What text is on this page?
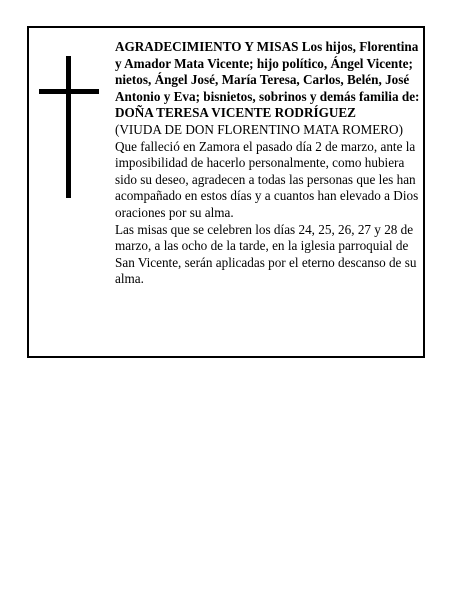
AGRADECIMIENTO Y MISAS Los hijos, Florentina y Amador Mata Vicente; hijo político, Ángel Vicente; nietos, Ángel José, María Teresa, Carlos, Belén, José Antonio y Eva; bisnietos, sobrinos y demás familia de:

DOÑA TERESA VICENTE RODRÍGUEZ

(VIUDA DE DON FLORENTINO MATA ROMERO)

Que falleció en Zamora el pasado día 2 de marzo, ante la imposibilidad de hacerlo personalmente, como hubiera sido su deseo, agradecen a todas las personas que les han acompañado en estos días y a cuantos han elevado a Dios oraciones por su alma.

Las misas que se celebren los días 24, 25, 26, 27 y 28 de marzo, a las ocho de la tarde, en la iglesia parroquial de San Vicente, serán aplicadas por el eterno descanso de su alma.
